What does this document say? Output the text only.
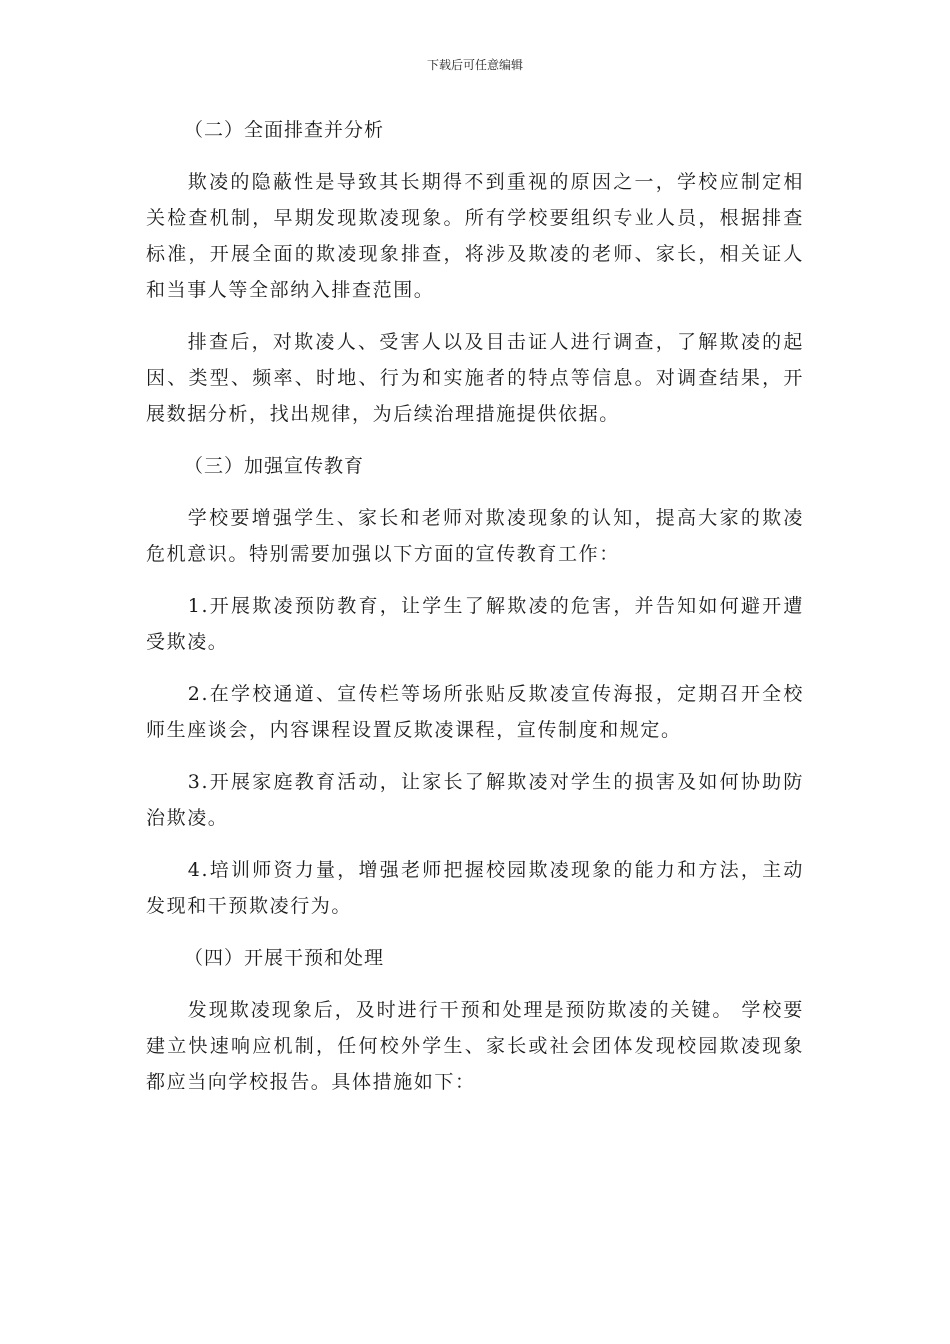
下载后可任意编辑
（二）全面排查并分析

欺凌的隐蔽性是导致其长期得不到重视的原因之一，学校应制定相关检查机制，早期发现欺凌现象。所有学校要组织专业人员，根据排查标准，开展全面的欺凌现象排查，将涉及欺凌的老师、家长，相关证人和当事人等全部纳入排查范围。

排查后，对欺凌人、受害人以及目击证人进行调查，了解欺凌的起因、类型、频率、时地、行为和实施者的特点等信息。对调查结果，开展数据分析，找出规律，为后续治理措施提供依据。

（三）加强宣传教育

学校要增强学生、家长和老师对欺凌现象的认知，提高大家的欺凌危机意识。特别需要加强以下方面的宣传教育工作：

1.开展欺凌预防教育，让学生了解欺凌的危害，并告知如何避开遭受欺凌。

2.在学校通道、宣传栏等场所张贴反欺凌宣传海报，定期召开全校师生座谈会，内容课程设置反欺凌课程，宣传制度和规定。

3.开展家庭教育活动，让家长了解欺凌对学生的损害及如何协助防治欺凌。

4.培训师资力量，增强老师把握校园欺凌现象的能力和方法，主动发现和干预欺凌行为。

（四）开展干预和处理

发现欺凌现象后，及时进行干预和处理是预防欺凌的关键。 学校要建立快速响应机制，任何校外学生、家长或社会团体发现校园欺凌现象都应当向学校报告。具体措施如下：
